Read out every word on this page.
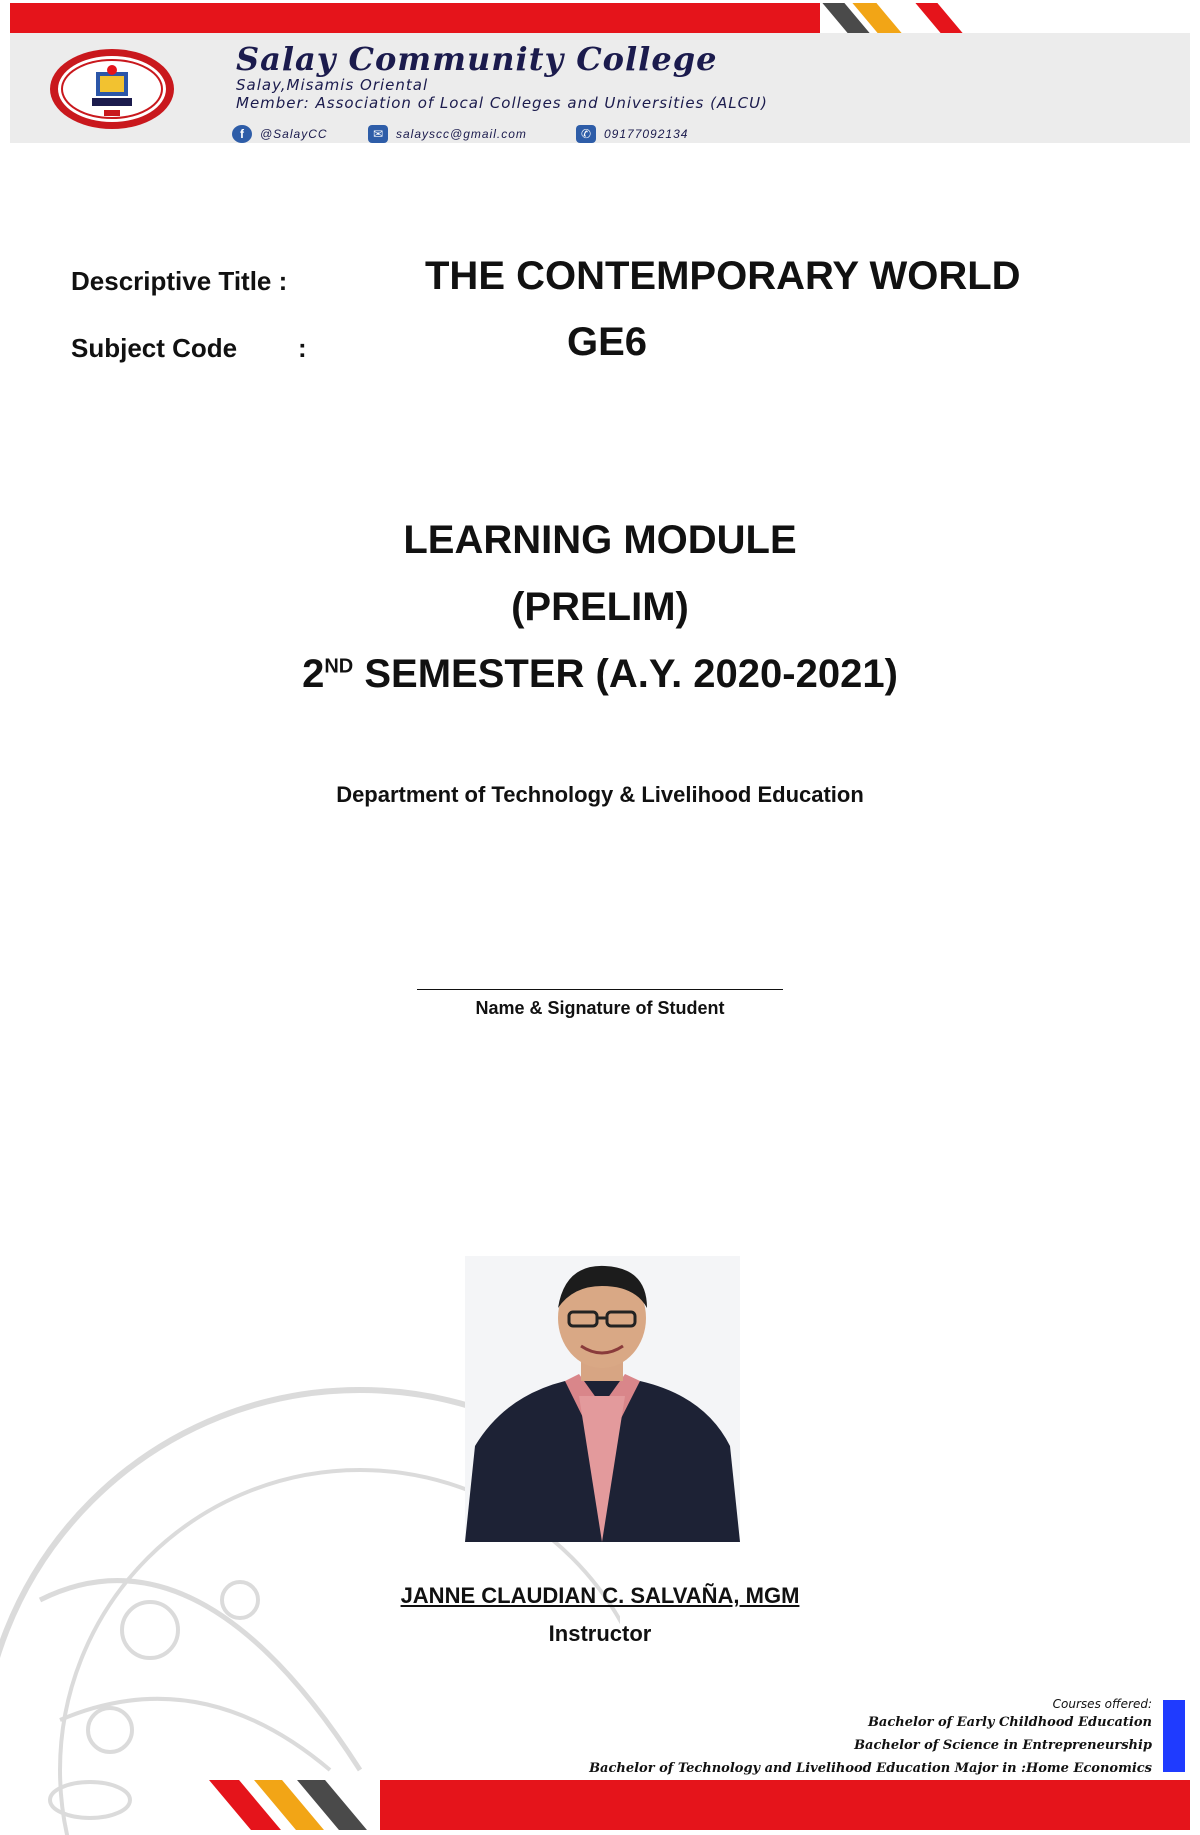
Salay Community College
Salay,Misamis Oriental
Member: Association of Local Colleges and Universities (ALCU)
f	@SalayCC	✉	salayscc@gmail.com	✆	09177092134
Descriptive Title :	THE CONTEMPORARY WORLD
Subject Code :	GE6
LEARNING MODULE
(PRELIM)
2ND SEMESTER (A.Y. 2020-2021)
Department of Technology & Livelihood Education
Name & Signature of Student
JANNE CLAUDIAN C. SALVAÑA, MGM
Instructor
Courses offered:
Bachelor of Early Childhood Education
Bachelor of Science in Entrepreneurship
Bachelor of Technology and Livelihood Education Major in :Home Economics
